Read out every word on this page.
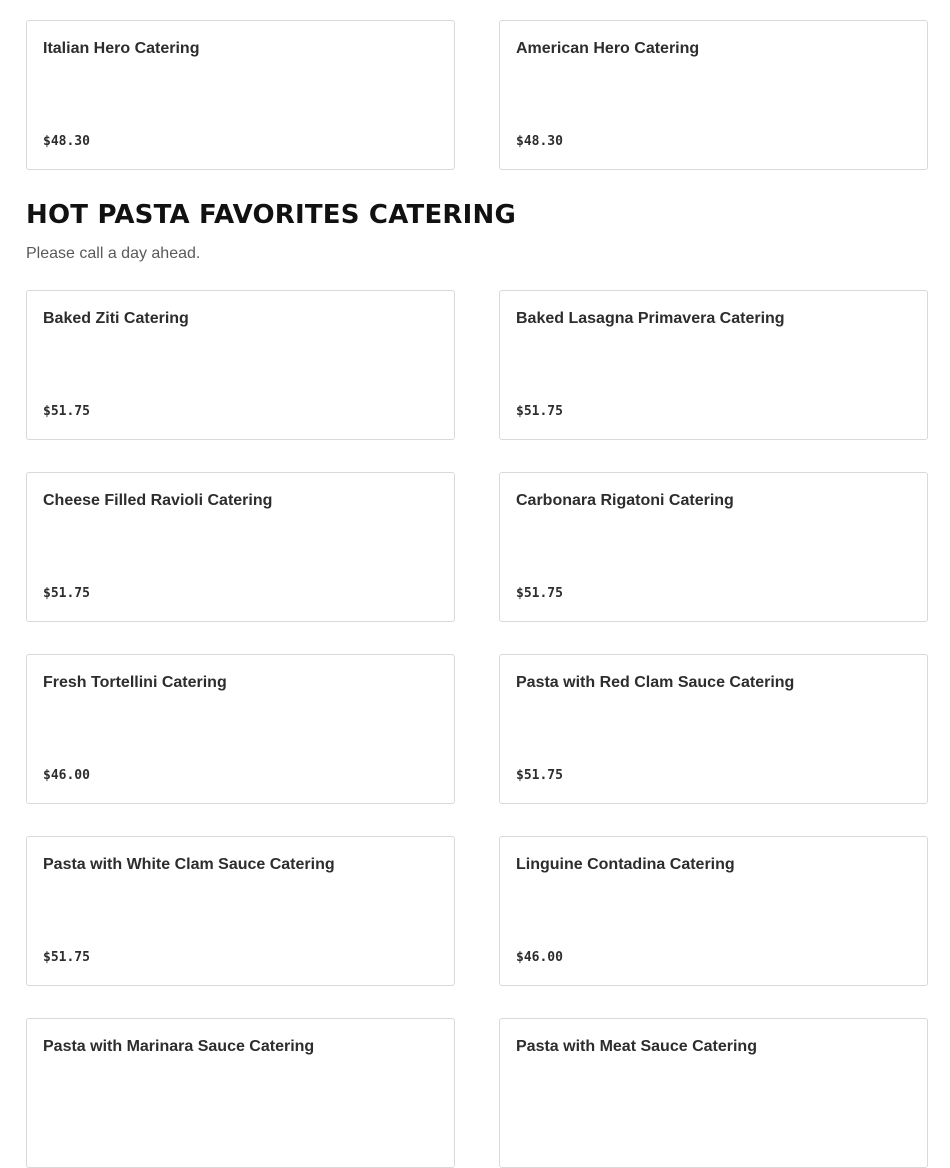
Italian Hero Catering
$48.30
American Hero Catering
$48.30
HOT PASTA FAVORITES CATERING

Please call a day ahead.

Baked Ziti Catering
$51.75
Baked Lasagna Primavera Catering
$51.75
Cheese Filled Ravioli Catering
$51.75
Carbonara Rigatoni Catering
$51.75
Fresh Tortellini Catering
$46.00
Pasta with Red Clam Sauce Catering
$51.75
Pasta with White Clam Sauce Catering
$51.75
Linguine Contadina Catering
$46.00
Pasta with Marinara Sauce Catering	Pasta with Meat Sauce Catering
